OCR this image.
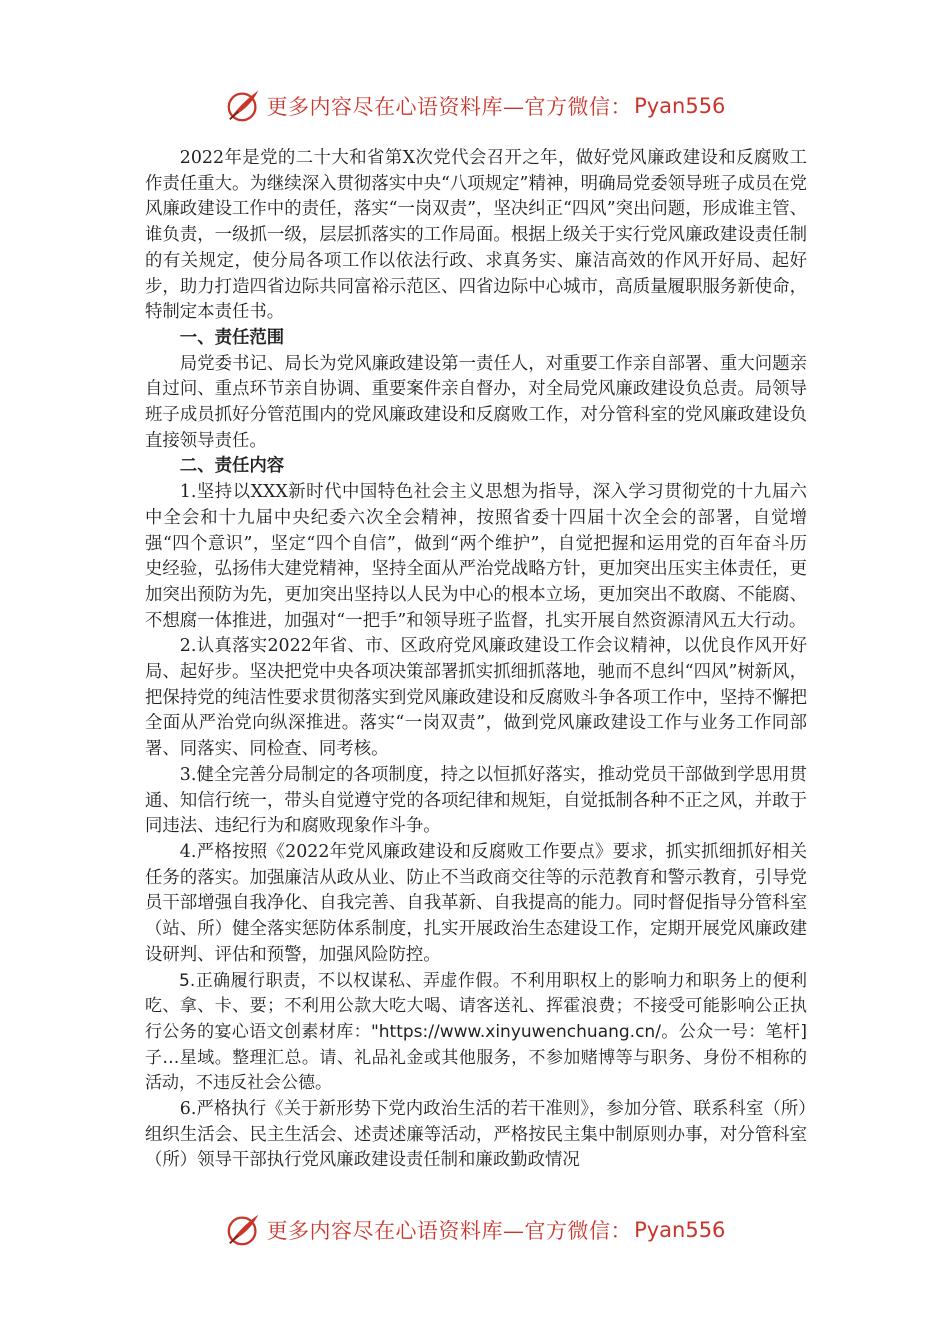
更多内容尽在心语资料库—官方微信： Pyan556

2022年是党的二十大和省第X次党代会召开之年，做好党风廉政建设和反腐败工作责任重大。为继续深入贯彻落实中央“八项规定”精神，明确局党委领导班子成员在党风廉政建设工作中的责任，落实“一岗双责”，坚决纠正“四风”突出问题，形成谁主管、谁负责，一级抓一级，层层抓落实的工作局面。根据上级关于实行党风廉政建设责任制的有关规定，使分局各项工作以依法行政、求真务实、廉洁高效的作风开好局、起好步，助力打造四省边际共同富裕示范区、四省边际中心城市，高质量履职服务新使命，特制定本责任书。

一、责任范围

局党委书记、局长为党风廉政建设第一责任人，对重要工作亲自部署、重大问题亲自过问、重点环节亲自协调、重要案件亲自督办，对全局党风廉政建设负总责。局领导班子成员抓好分管范围内的党风廉政建设和反腐败工作，对分管科室的党风廉政建设负直接领导责任。

二、责任内容

1.坚持以XXX新时代中国特色社会主义思想为指导，深入学习贯彻党的十九届六中全会和十九届中央纪委六次全会精神，按照省委十四届十次全会的部署，自觉增强“四个意识”，坚定“四个自信”，做到“两个维护”，自觉把握和运用党的百年奋斗历史经验，弘扬伟大建党精神，坚持全面从严治党战略方针，更加突出压实主体责任，更加突出预防为先，更加突出坚持以人民为中心的根本立场，更加突出不敢腐、不能腐、不想腐一体推进，加强对“一把手”和领导班子监督，扎实开展自然资源清风五大行动。

2.认真落实2022年省、市、区政府党风廉政建设工作会议精神，以优良作风开好局、起好步。坚决把党中央各项决策部署抓实抓细抓落地，驰而不息纠“四风”树新风，把保持党的纯洁性要求贯彻落实到党风廉政建设和反腐败斗争各项工作中，坚持不懈把全面从严治党向纵深推进。落实“一岗双责”，做到党风廉政建设工作与业务工作同部署、同落实、同检查、同考核。

3.健全完善分局制定的各项制度，持之以恒抓好落实，推动党员干部做到学思用贯通、知信行统一，带头自觉遵守党的各项纪律和规矩，自觉抵制各种不正之风，并敢于同违法、违纪行为和腐败现象作斗争。

4.严格按照《2022年党风廉政建设和反腐败工作要点》要求，抓实抓细抓好相关任务的落实。加强廉洁从政从业、防止不当政商交往等的示范教育和警示教育，引导党员干部增强自我净化、自我完善、自我革新、自我提高的能力。同时督促指导分管科室（站、所）健全落实惩防体系制度，扎实开展政治生态建设工作，定期开展党风廉政建设研判、评估和预警，加强风险防控。

5.正确履行职责，不以权谋私、弄虚作假。不利用职权上的影响力和职务上的便利吃、拿、卡、要；不利用公款大吃大喝、请客送礼、挥霍浪费；不接受可能影响公正执行公务的宴心语文创素材库："https://www.xinyuwenchuang.cn/。公众一号：笔杆]子…星域。整理汇总。请、礼品礼金或其他服务，不参加赌博等与职务、身份不相称的活动，不违反社会公德。

6.严格执行《关于新形势下党内政治生活的若干准则》，参加分管、联系科室（所）组织生活会、民主生活会、述责述廉等活动，严格按民主集中制原则办事，对分管科室（所）领导干部执行党风廉政建设责任制和廉政勤政情况

更多内容尽在心语资料库—官方微信： Pyan556
